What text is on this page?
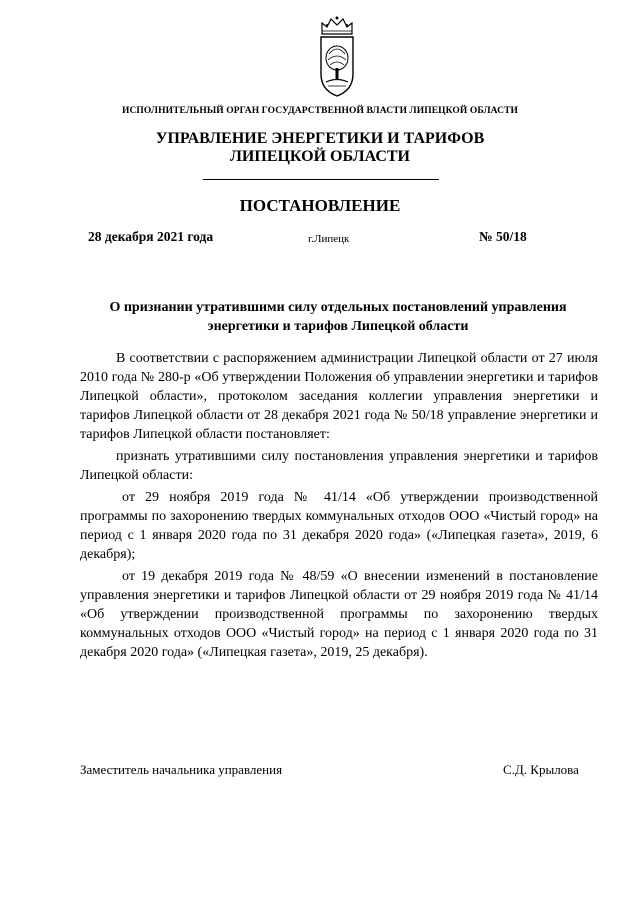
ИСПОЛНИТЕЛЬНЫЙ ОРГАН ГОСУДАРСТВЕННОЙ ВЛАСТИ ЛИПЕЦКОЙ ОБЛАСТИ
УПРАВЛЕНИЕ ЭНЕРГЕТИКИ И ТАРИФОВ
ЛИПЕЦКОЙ ОБЛАСТИ
ПОСТАНОВЛЕНИЕ
28 декабря 2021 года	г.Липецк	№ 50/18
О признании утратившими силу отдельных постановлений управления
энергетики и тарифов Липецкой области

В соответствии с распоряжением администрации Липецкой области от 27 июля 2010 года № 280-р «Об утверждении Положения об управлении энергетики и тарифов Липецкой области», протоколом заседания коллегии управления энергетики и тарифов Липецкой области от 28 декабря 2021 года № 50/18 управление энергетики и тарифов Липецкой области постановляет:

признать утратившими силу постановления управления энергетики и тарифов Липецкой области:

от 29 ноября 2019 года № 41/14 «Об утверждении производственной программы по захоронению твердых коммунальных отходов ООО «Чистый город» на период с 1 января 2020 года по 31 декабря 2020 года» («Липецкая газета», 2019, 6 декабря);

от 19 декабря 2019 года № 48/59 «О внесении изменений в постановление управления энергетики и тарифов Липецкой области от 29 ноября 2019 года № 41/14 «Об утверждении производственной программы по захоронению твердых коммунальных отходов ООО «Чистый город» на период с 1 января 2020 года по 31 декабря 2020 года» («Липецкая газета», 2019, 25 декабря).

Заместитель начальника управления	С.Д. Крылова
